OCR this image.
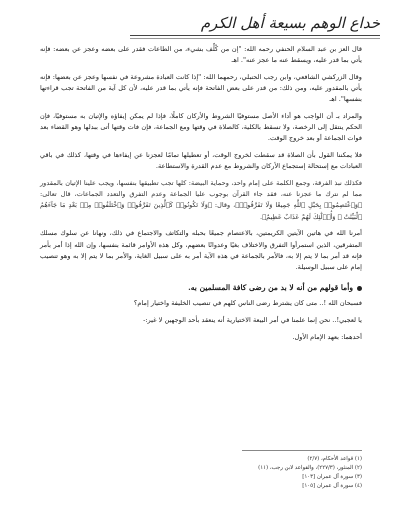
خداع الوهم بسيعة أهل الكرم

قال العز بن عبد السلام الحنفي رحمه الله: "إن من كُلِّف بشيء، من الطاعات فقدر على بعضه وعجز عن بعضه: فإنه يأتي بما قدر عليه، ويسقط عنه ما عجز عنه". اهـ

وقال الزركشي الشافعي، وابن رجب الحنبلي، رحمهما الله: "إذا كانت العبادة مشروعة في نفسها وعجز عن بعضها: فإنه يأتي بالمقدور عليه، ومن ذلك: من قدر على بعض الفاتحة فإنه يأتي بما قدر عليه، لأن كل آية من الفاتحة تجب قراءتها بنفسها". اهـ

والمراد بـ أن الواجب هو أداء الأصل مستوفيًا الشروط والأركان كاملًا، فإذا لم يمكن إيفاؤه والإتيان به مستوفيًا، فإن الحكم ينتقل إلى الرخصة، ولا تسقط بالكلية، كالصلاة في وقتها ومع الجماعة، فإن فات وقتها أتى ببدلها وهو القضاء بعد فوات الجماعة أو بعد خروج الوقت.

فلا يمكننا القول بأن الصلاة قد سقطت لخروج الوقت، أو تعطيلها تمامًا لعجزنا عن إيفاءها في وقتها، كذلك في باقي العبادات مع إستحالة إستجماع الأركان والشروط مع عدم القدرة والاستطاعة.

فكذلك نبذ الفرقة، وجمع الكلمة على إمام واحد، وحماية البيضة: كلها تجب تطبيقها بنفسها، ويجب علينا الإتيان بالمقدور مما لم نترك ما عجزنا عنه، فقد جاء القرآن بوجوب عليا الجماعة وعدم التفرق والتعدد الجماعات، قال تعالى: ﴿وَٱعْتَصِمُوا۟ بِحَبْلِ ٱللَّهِ جَمِيعًا وَلَا تَفَرَّقُوا۟﴾، وقال: ﴿وَلَا تَكُونُوا۟ كَٱلَّذِينَ تَفَرَّقُوا۟ وَٱخْتَلَفُوا۟ مِنۢ بَعْدِ مَا جَآءَهُمُ ٱلْبَيِّنَٰتُ ۚ وَأُو۟لَٰٓئِكَ لَهُمْ عَذَابٌ عَظِيمٌ﴾.

أمرنا الله في هاتين الآيتين الكريمتين، بالاعتصام جميعًا بحبله والتكاتف والاجتماع في ذلك، ونهانا عن سلوك مسلك المتفرقين، الذين استمرأوا التفرق والاختلاف بغيًا وعدوانًا بعضهم، وكل هذه الأوامر قائمة بنفسها، وإن الله إذا أمر بأمر فإنه قد أمر بما لا يتم إلا به، فالأمر بالجماعة في هذه الآية أمر به على سبيل الغاية، والأمر بما لا يتم إلا به وهو تنصيب إمام على سبيل الوسيلة.

وأما قولهم من أنه لا بد من رضى كافة المسلمين به.

فسبحان الله !.. متى كان يشترط رضى الناس كلهم في تنصيب الخليفة واختيار إمام؟

يا لعجبي!.. نحن إنما علمنا في أمر البيعة الاختيارية أنه ينعقد بأحد الوجهين لا غير:-

أحدهما: بعهد الإمام الأول.

(١) قواعد الأحكام، (٢/٧)
(٢) المنثور، (٢٢٧/٣)، والقواعد لابن رجب، (١١)
(٣) سورة آل عمران [١٠٣]
(٤) سورة آل عمران [١٠٥]
